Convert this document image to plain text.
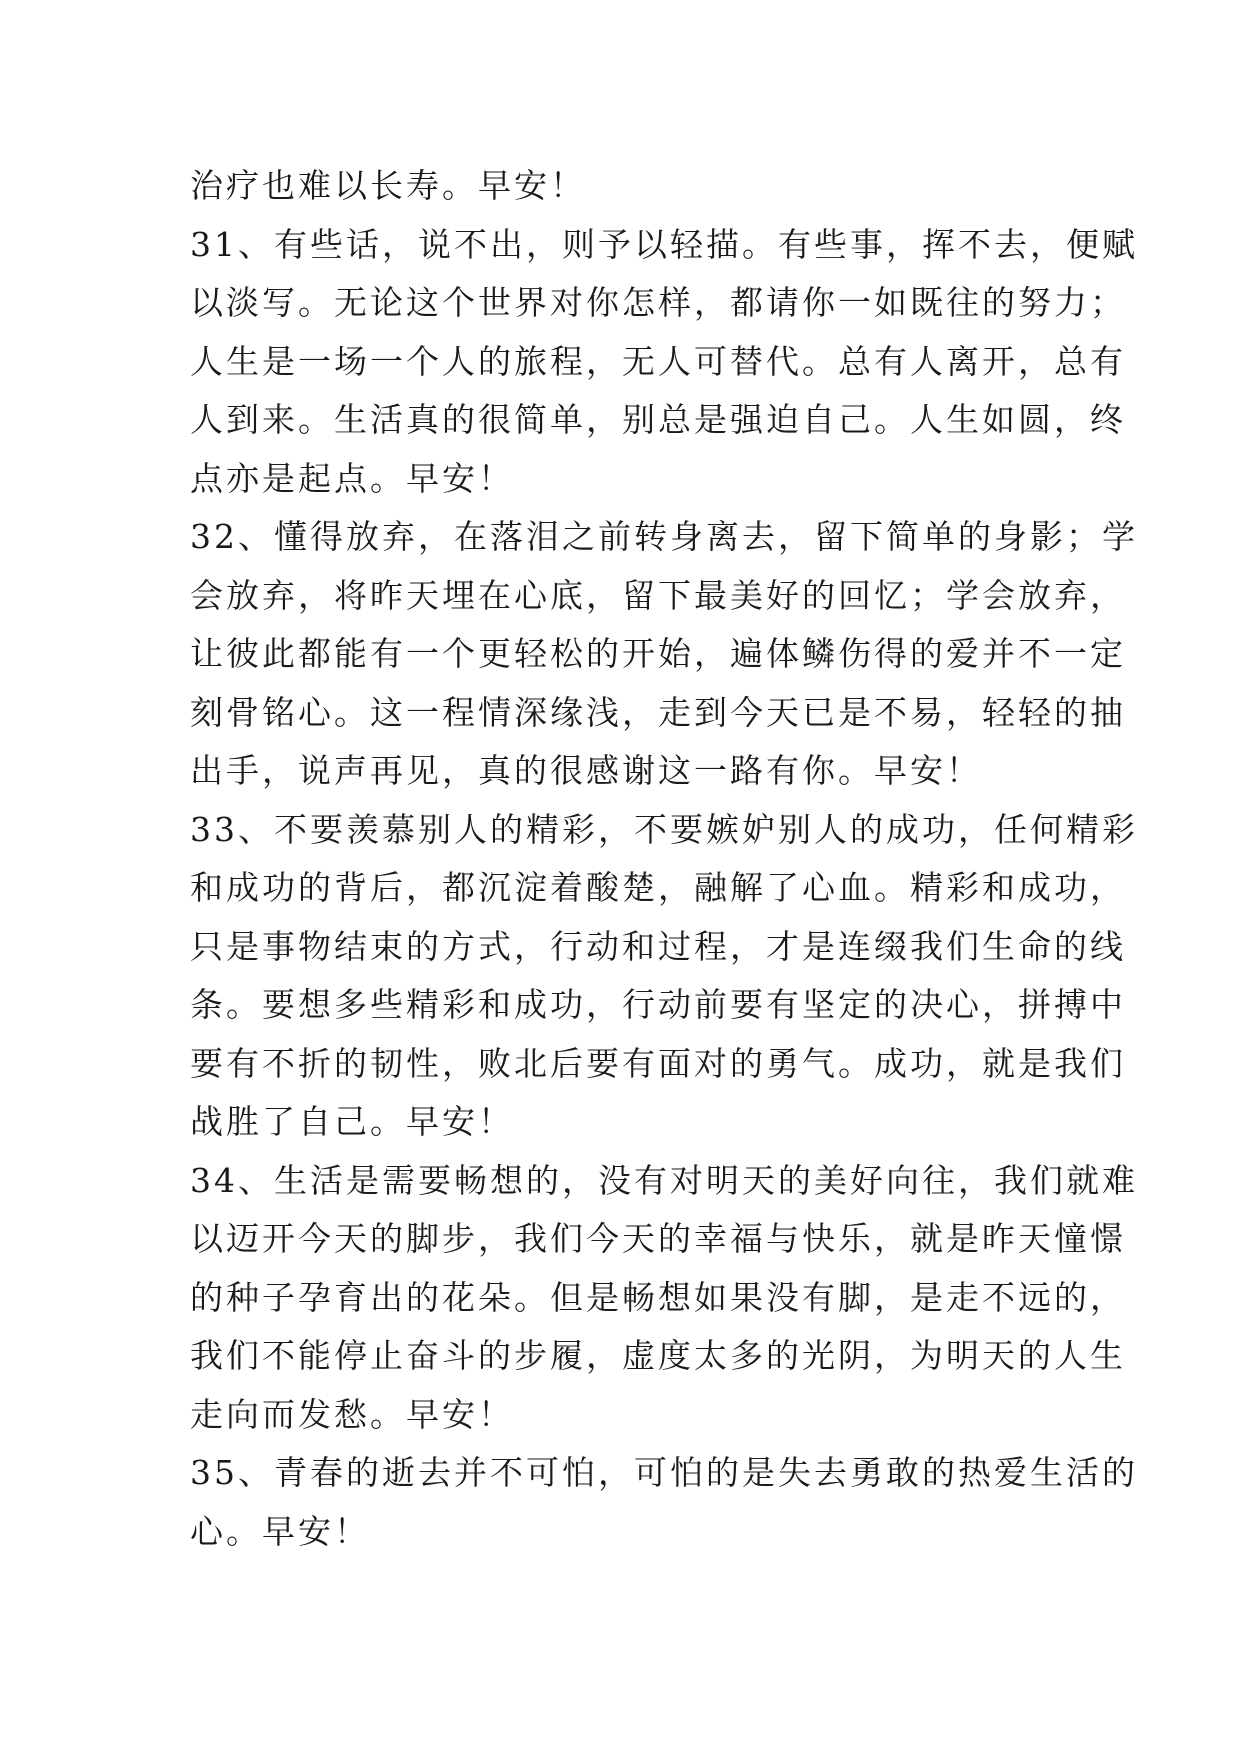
治疗也难以长寿。早安！
31、有些话，说不出，则予以轻描。有些事，挥不去，便赋
以淡写。无论这个世界对你怎样，都请你一如既往的努力；
人生是一场一个人的旅程，无人可替代。总有人离开，总有
人到来。生活真的很简单，别总是强迫自己。人生如圆，终
点亦是起点。早安！
32、懂得放弃，在落泪之前转身离去，留下简单的身影；学
会放弃，将昨天埋在心底，留下最美好的回忆；学会放弃，
让彼此都能有一个更轻松的开始，遍体鳞伤得的爱并不一定
刻骨铭心。这一程情深缘浅，走到今天已是不易，轻轻的抽
出手，说声再见，真的很感谢这一路有你。早安！
33、不要羡慕别人的精彩，不要嫉妒别人的成功，任何精彩
和成功的背后，都沉淀着酸楚，融解了心血。精彩和成功，
只是事物结束的方式，行动和过程，才是连缀我们生命的线
条。要想多些精彩和成功，行动前要有坚定的决心，拼搏中
要有不折的韧性，败北后要有面对的勇气。成功，就是我们
战胜了自己。早安！
34、生活是需要畅想的，没有对明天的美好向往，我们就难
以迈开今天的脚步，我们今天的幸福与快乐，就是昨天憧憬
的种子孕育出的花朵。但是畅想如果没有脚，是走不远的，
我们不能停止奋斗的步履，虚度太多的光阴，为明天的人生
走向而发愁。早安！
35、青春的逝去并不可怕，可怕的是失去勇敢的热爱生活的
心。早安！
